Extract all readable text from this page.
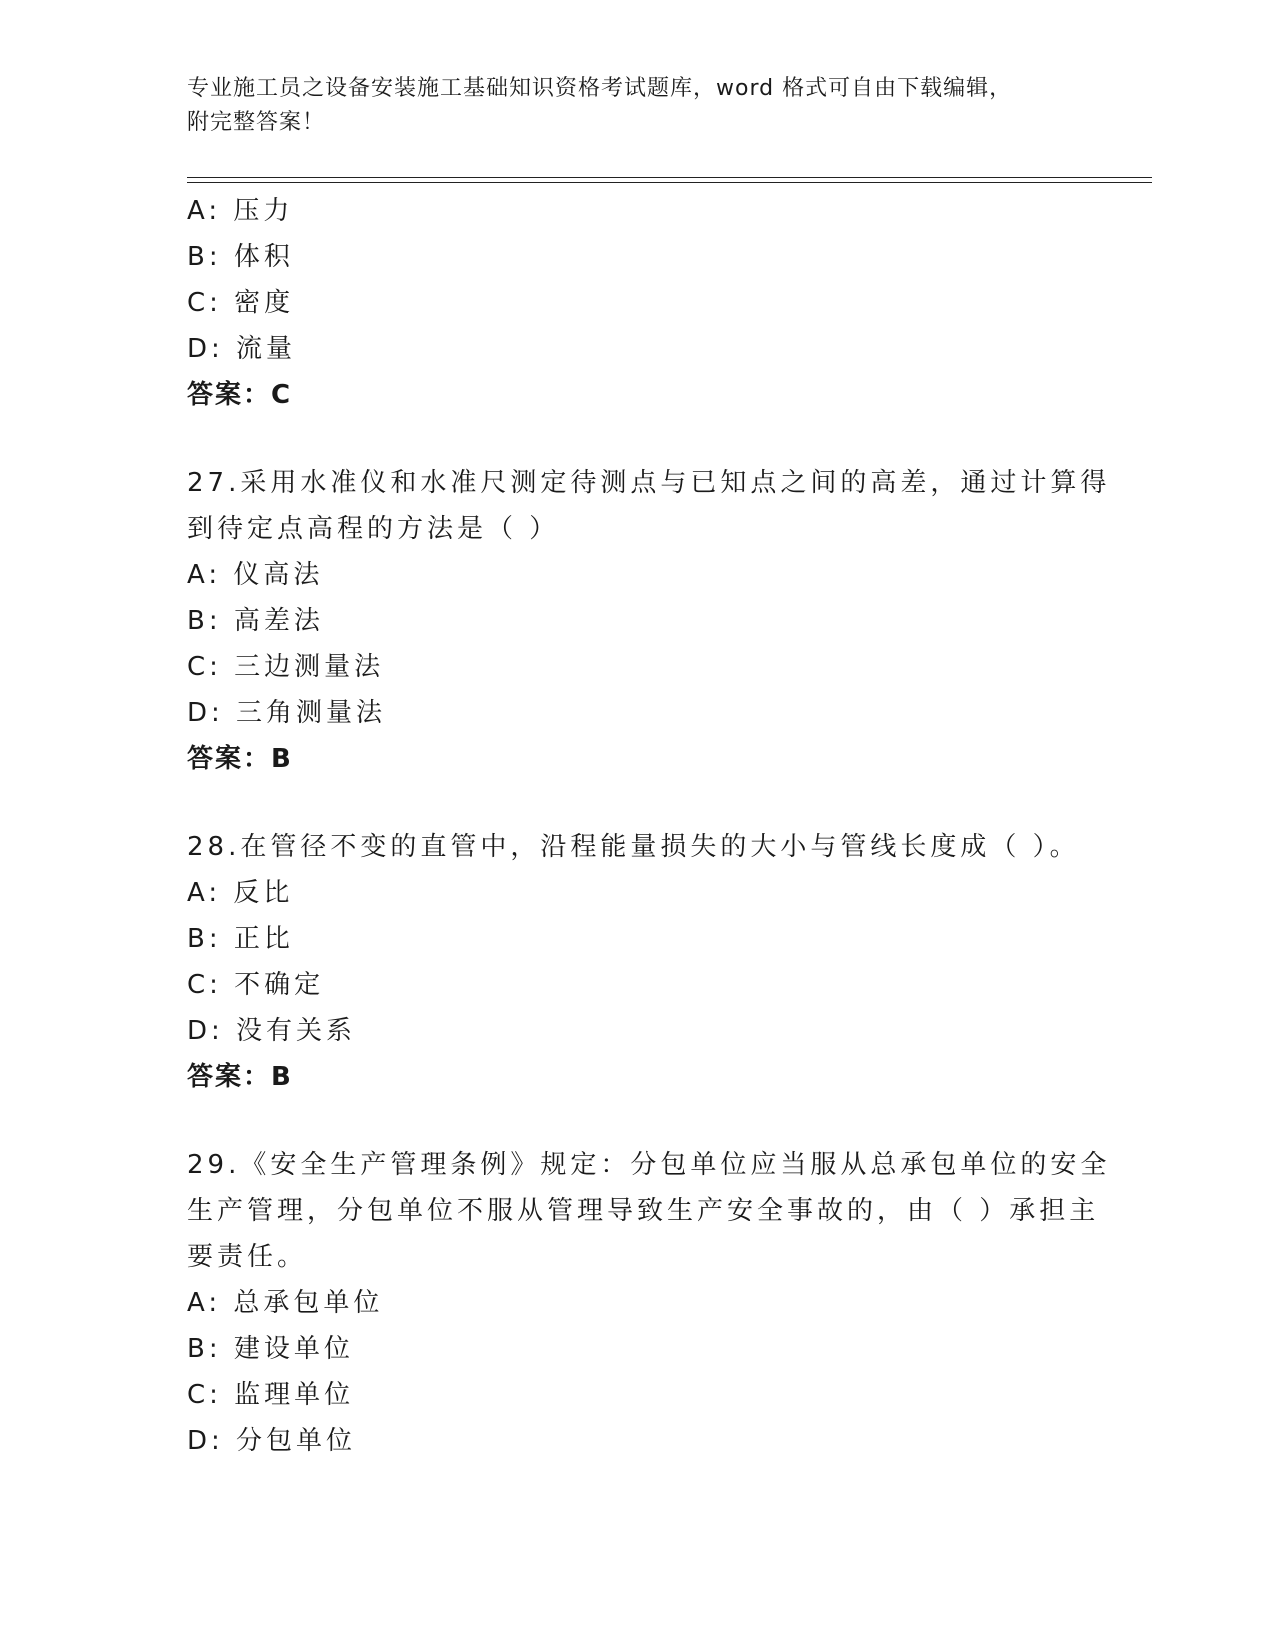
专业施工员之设备安装施工基础知识资格考试题库，word 格式可自由下载编辑，
附完整答案！
A: 压力
B: 体积
C: 密度
D: 流量
答案：C
27.采用水准仪和水准尺测定待测点与已知点之间的高差，通过计算得
到待定点高程的方法是（ ）
A: 仪高法
B: 高差法
C: 三边测量法
D: 三角测量法
答案：B
28.在管径不变的直管中，沿程能量损失的大小与管线长度成（ ）。
A: 反比
B: 正比
C: 不确定
D: 没有关系
答案：B
29.《安全生产管理条例》规定：分包单位应当服从总承包单位的安全
生产管理，分包单位不服从管理导致生产安全事故的，由（ ）承担主
要责任。
A: 总承包单位
B: 建设单位
C: 监理单位
D: 分包单位
